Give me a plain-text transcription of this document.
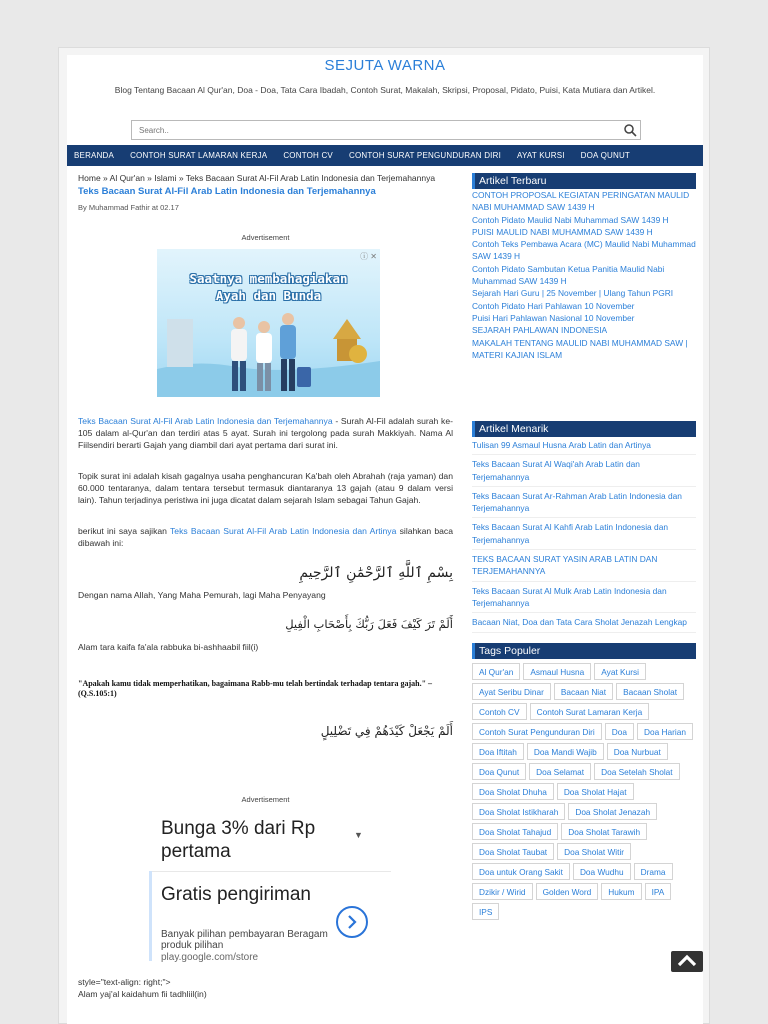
SEJUTA WARNA
Blog Tentang Bacaan Al Qur'an, Doa - Doa, Tata Cara Ibadah, Contoh Surat, Makalah, Skripsi, Proposal, Pidato, Puisi, Kata Mutiara dan Artikel.
Search..
BERANDA CONTOH SURAT LAMARAN KERJA CONTOH CV CONTOH SURAT PENGUNDURAN DIRI AYAT KURSI DOA QUNUT
Home » Al Qur'an » Islami » Teks Bacaan Surat Al-Fil Arab Latin Indonesia dan Terjemahannya
Teks Bacaan Surat Al-Fil Arab Latin Indonesia dan Terjemahannya
By Muhammad Fathir at 02.17
Advertisement
ⓘ ✕
Saatnya membahagiakan
Ayah dan Bunda
Teks Bacaan Surat Al-Fil Arab Latin Indonesia dan Terjemahannya - Surah Al-Fil adalah surah ke-105 dalam al-Qur'an dan terdiri atas 5 ayat. Surah ini tergolong pada surah Makkiyah. Nama Al Fiilsendiri berarti Gajah yang diambil dari ayat pertama dari surat ini.
Topik surat ini adalah kisah gagalnya usaha penghancuran Ka'bah oleh Abrahah (raja yaman) dan 60.000 tentaranya, dalam tentara tersebut termasuk diantaranya 13 gajah (atau 9 dalam versi lain). Tahun terjadinya peristiwa ini juga dicatat dalam sejarah Islam sebagai Tahun Gajah.
berikut ini saya sajikan Teks Bacaan Surat Al-Fil Arab Latin Indonesia dan Artinya silahkan baca dibawah ini:
بِسْمِ ٱللَّهِ ٱلرَّحْمَٰنِ ٱلرَّحِيمِ
Dengan nama Allah, Yang Maha Pemurah, lagi Maha Penyayang
أَلَمْ تَرَ كَيْفَ فَعَلَ رَبُّكَ بِأَصْحَابِ الْفِيلِ
Alam tara kaifa fa'ala rabbuka bi-ashhaabil fiil(i)
"Apakah kamu tidak memperhatikan, bagaimana Rabb-mu telah bertindak terhadap tentara gajah." – (Q.S.105:1)
أَلَمْ يَجْعَلْ كَيْدَهُمْ فِي تَضْلِيلٍ
Advertisement
Bunga 3% dari Rp pertama
▼
Gratis pengiriman
Banyak pilihan pembayaran Beragam produk pilihan
play.google.com/store
style="text-align: right;">
Alam yaj'al kaidahum fii tadhliil(in)
Artikel Terbaru
CONTOH PROPOSAL KEGIATAN PERINGATAN MAULID NABI MUHAMMAD SAW 1439 H
Contoh Pidato Maulid Nabi Muhammad SAW 1439 H
PUISI MAULID NABI MUHAMMAD SAW 1439 H
Contoh Teks Pembawa Acara (MC) Maulid Nabi Muhammad SAW 1439 H
Contoh Pidato Sambutan Ketua Panitia Maulid Nabi Muhammad SAW 1439 H
Sejarah Hari Guru | 25 November | Ulang Tahun PGRI
Contoh Pidato Hari Pahlawan 10 November
Puisi Hari Pahlawan Nasional 10 November
SEJARAH PAHLAWAN INDONESIA
MAKALAH TENTANG MAULID NABI MUHAMMAD SAW | MATERI KAJIAN ISLAM
Artikel Menarik
Tulisan 99 Asmaul Husna Arab Latin dan Artinya
Teks Bacaan Surat Al Waqi'ah Arab Latin dan Terjemahannya
Teks Bacaan Surat Ar-Rahman Arab Latin Indonesia dan Terjemahannya
Teks Bacaan Surat Al Kahfi Arab Latin Indonesia dan Terjemahannya
TEKS BACAAN SURAT YASIN ARAB LATIN DAN TERJEMAHANNYA
Teks Bacaan Surat Al Mulk Arab Latin Indonesia dan Terjemahannya
Bacaan Niat, Doa dan Tata Cara Sholat Jenazah Lengkap
Tags Populer
Al Qur'an	Asmaul Husna	Ayat Kursi
Ayat Seribu Dinar	Bacaan Niat	Bacaan Sholat
Contoh CV	Contoh Surat Lamaran Kerja
Contoh Surat Pengunduran Diri	Doa	Doa Harian
Doa Iftitah	Doa Mandi Wajib	Doa Nurbuat
Doa Qunut	Doa Selamat	Doa Setelah Sholat
Doa Sholat Dhuha	Doa Sholat Hajat
Doa Sholat Istikharah	Doa Sholat Jenazah
Doa Sholat Tahajud	Doa Sholat Tarawih
Doa Sholat Taubat	Doa Sholat Witir
Doa untuk Orang Sakit	Doa Wudhu	Drama
Dzikir / Wirid	Golden Word	Hukum	IPA
IPS
